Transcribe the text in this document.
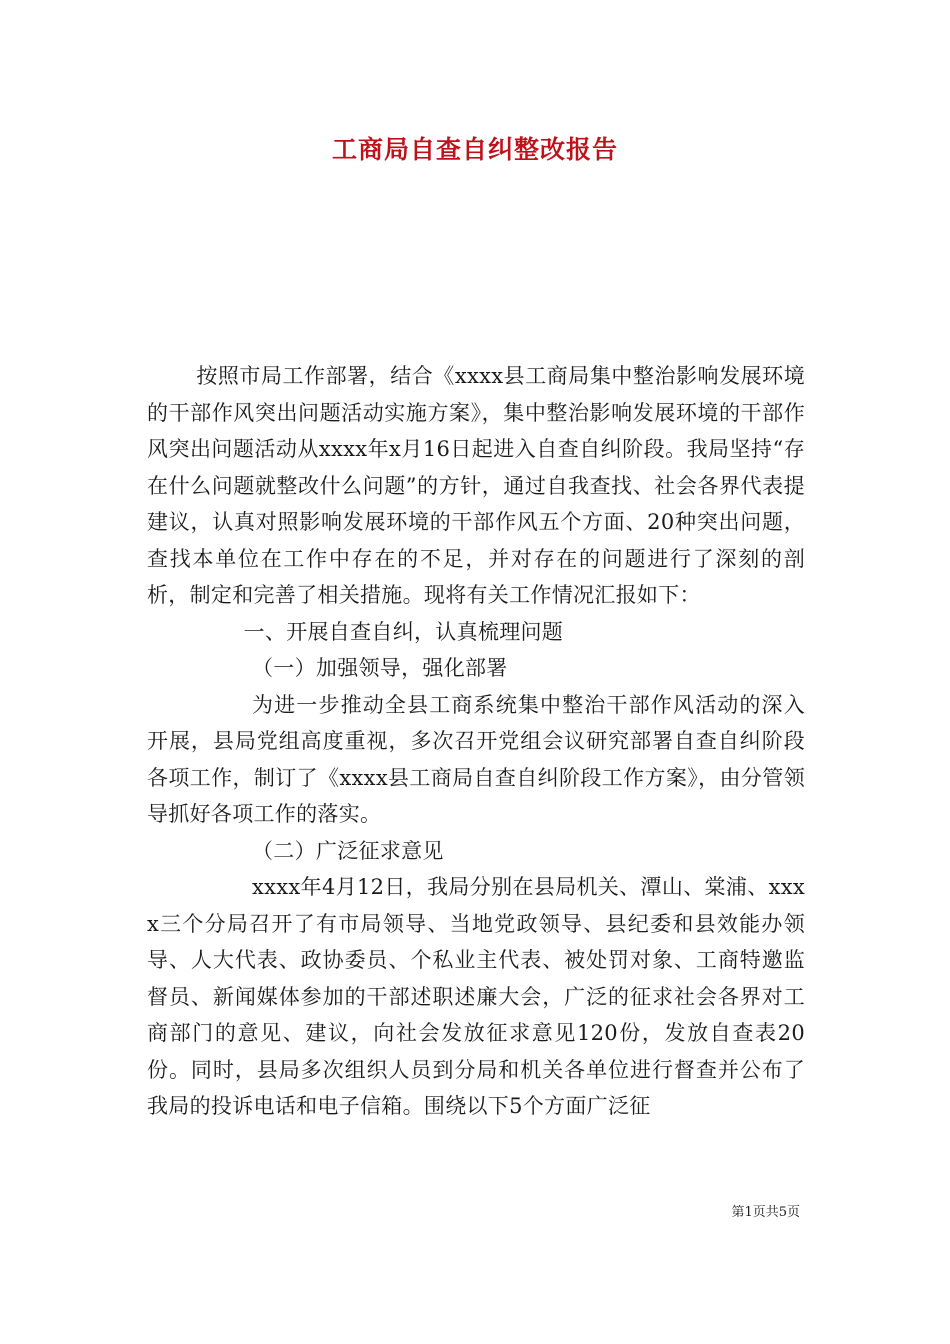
工商局自查自纠整改报告

按照市局工作部署，结合《xxxx县工商局集中整治影响发展环境的干部作风突出问题活动实施方案》，集中整治影响发展环境的干部作风突出问题活动从xxxx年x月16日起进入自查自纠阶段。我局坚持“存在什么问题就整改什么问题”的方针，通过自我查找、社会各界代表提建议，认真对照影响发展环境的干部作风五个方面、20种突出问题，查找本单位在工作中存在的不足，并对存在的问题进行了深刻的剖析，制定和完善了相关措施。现将有关工作情况汇报如下：

一、开展自查自纠，认真梳理问题

（一）加强领导，强化部署

为进一步推动全县工商系统集中整治干部作风活动的深入开展，县局党组高度重视，多次召开党组会议研究部署自查自纠阶段各项工作，制订了《xxxx县工商局自查自纠阶段工作方案》，由分管领导抓好各项工作的落实。

（二）广泛征求意见

xxxx年4月12日，我局分别在县局机关、潭山、棠浦、xxxx三个分局召开了有市局领导、当地党政领导、县纪委和县效能办领导、人大代表、政协委员、个私业主代表、被处罚对象、工商特邀监督员、新闻媒体参加的干部述职述廉大会，广泛的征求社会各界对工商部门的意见、建议，向社会发放征求意见120份，发放自查表20份。同时，县局多次组织人员到分局和机关各单位进行督查并公布了我局的投诉电话和电子信箱。围绕以下5个方面广泛征

第1页共5页
